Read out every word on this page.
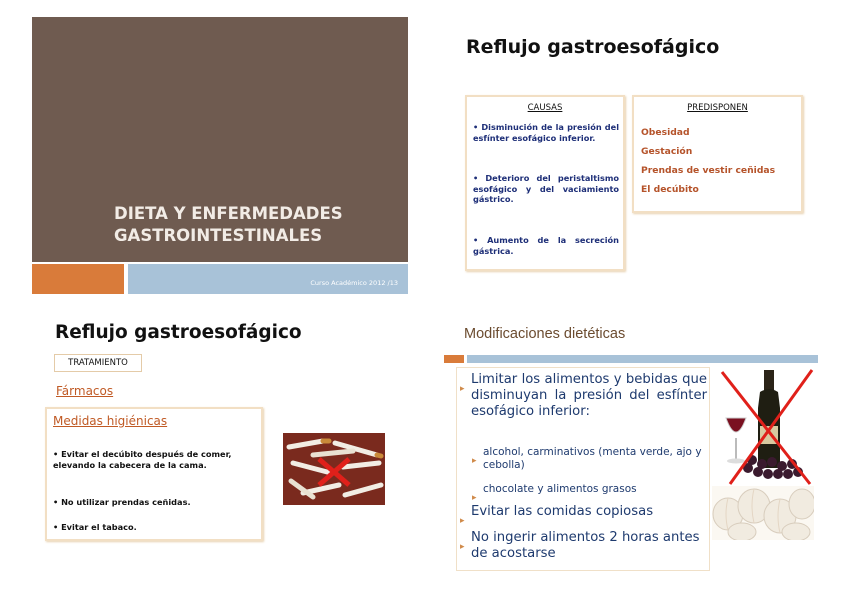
DIETA Y ENFERMEDADES
GASTROINTESTINALES
Curso Académico 2012 /13
Reflujo gastroesofágico
CAUSAS
• Disminución de la presión del esfínter esofágico inferior.
• Deterioro del peristaltismo esofágico y del vaciamiento gástrico.
• Aumento de la secreción gástrica.
PREDISPONEN
Obesidad
Gestación
Prendas de vestir ceñidas
El decúbito
Reflujo gastroesofágico
TRATAMIENTO
Fármacos
Medidas higiénicas
• Evitar el decúbito después de comer, elevando la cabecera de la cama.
• No utilizar prendas ceñidas.
• Evitar el tabaco.
Modificaciones dietéticas
▸
Limitar los alimentos y bebidas que disminuyan la presión del esfínter esofágico inferior:
▸
alcohol, carminativos (menta verde, ajo y cebolla)
▸
chocolate y alimentos grasos
▸
Evitar las comidas copiosas
▸
No ingerir alimentos 2 horas antes de acostarse
